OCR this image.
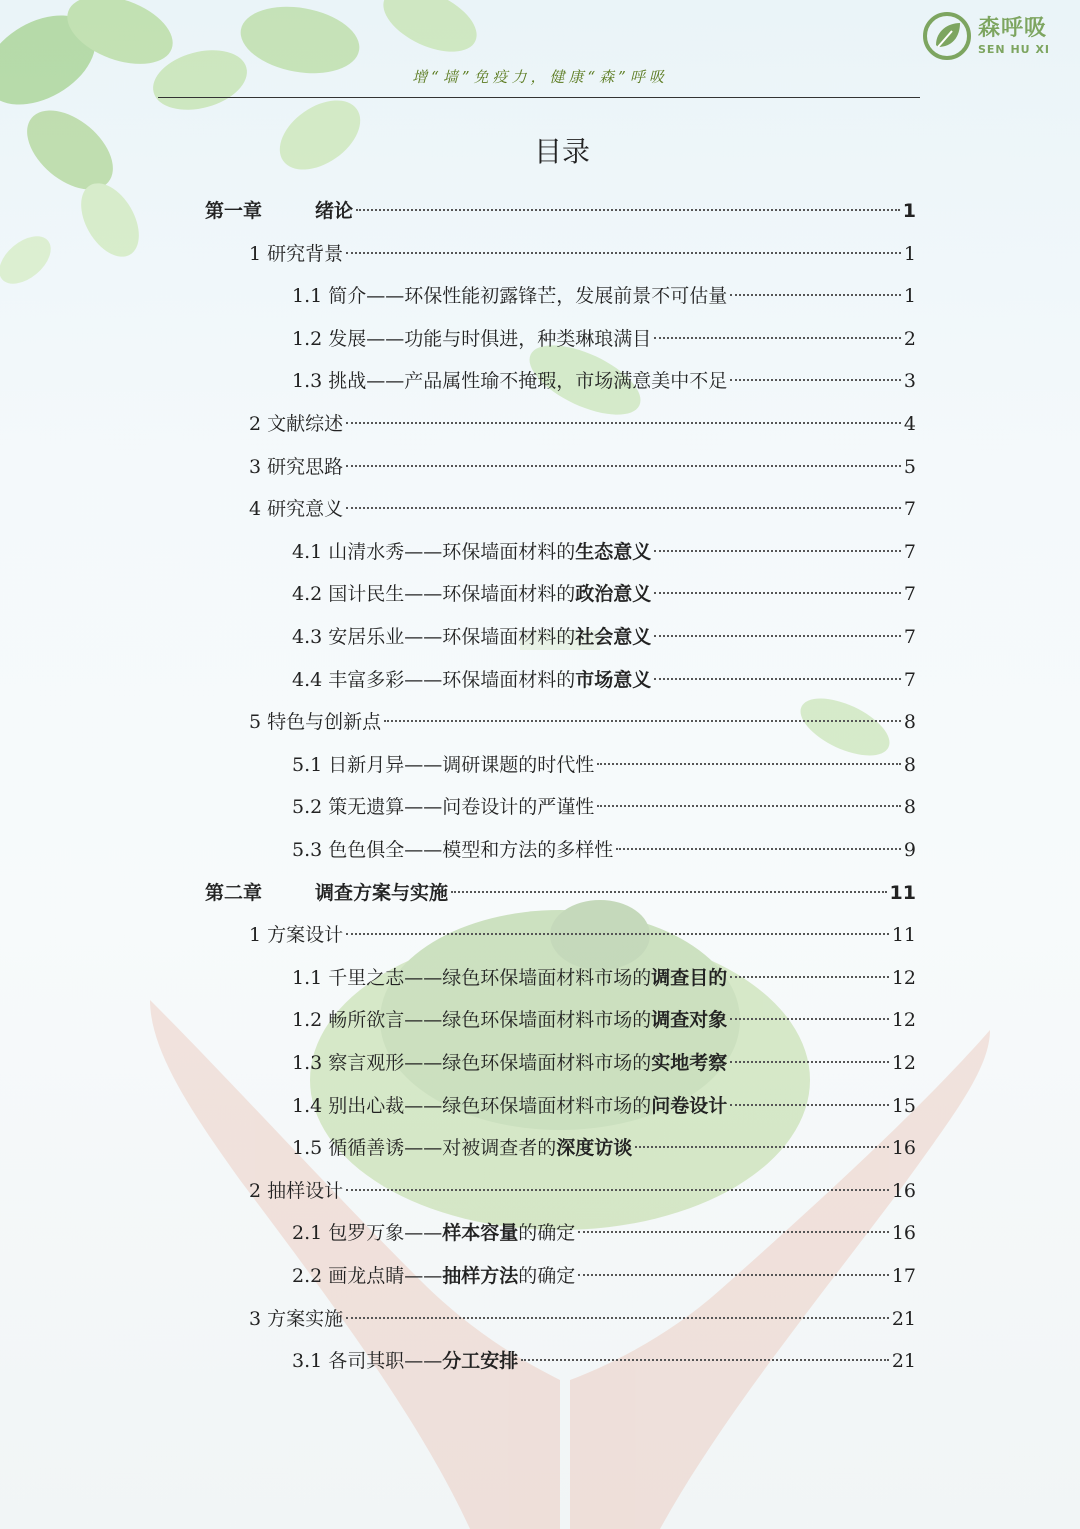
增“墙”免疫力，健康“森”呼吸
森呼吸
SEN HU XI
目录
第一章	绪论	1
1 研究背景	1
1.1 简介——环保性能初露锋芒，发展前景不可估量	1
1.2 发展——功能与时俱进，种类琳琅满目	2
1.3 挑战——产品属性瑜不掩瑕，市场满意美中不足	3
2 文献综述	4
3 研究思路	5
4 研究意义	7
4.1 山清水秀——环保墙面材料的生态意义	7
4.2 国计民生——环保墙面材料的政治意义	7
4.3 安居乐业——环保墙面材料的社会意义	7
4.4 丰富多彩——环保墙面材料的市场意义	7
5 特色与创新点	8
5.1 日新月异——调研课题的时代性	8
5.2 策无遗算——问卷设计的严谨性	8
5.3 色色俱全——模型和方法的多样性	9
第二章	调查方案与实施	11
1 方案设计	11
1.1 千里之志——绿色环保墙面材料市场的调查目的	12
1.2 畅所欲言——绿色环保墙面材料市场的调查对象	12
1.3 察言观形——绿色环保墙面材料市场的实地考察	12
1.4 别出心裁——绿色环保墙面材料市场的问卷设计	15
1.5 循循善诱——对被调查者的深度访谈	16
2 抽样设计	16
2.1 包罗万象——样本容量的确定	16
2.2 画龙点睛——抽样方法的确定	17
3 方案实施	21
3.1 各司其职——分工安排	21
